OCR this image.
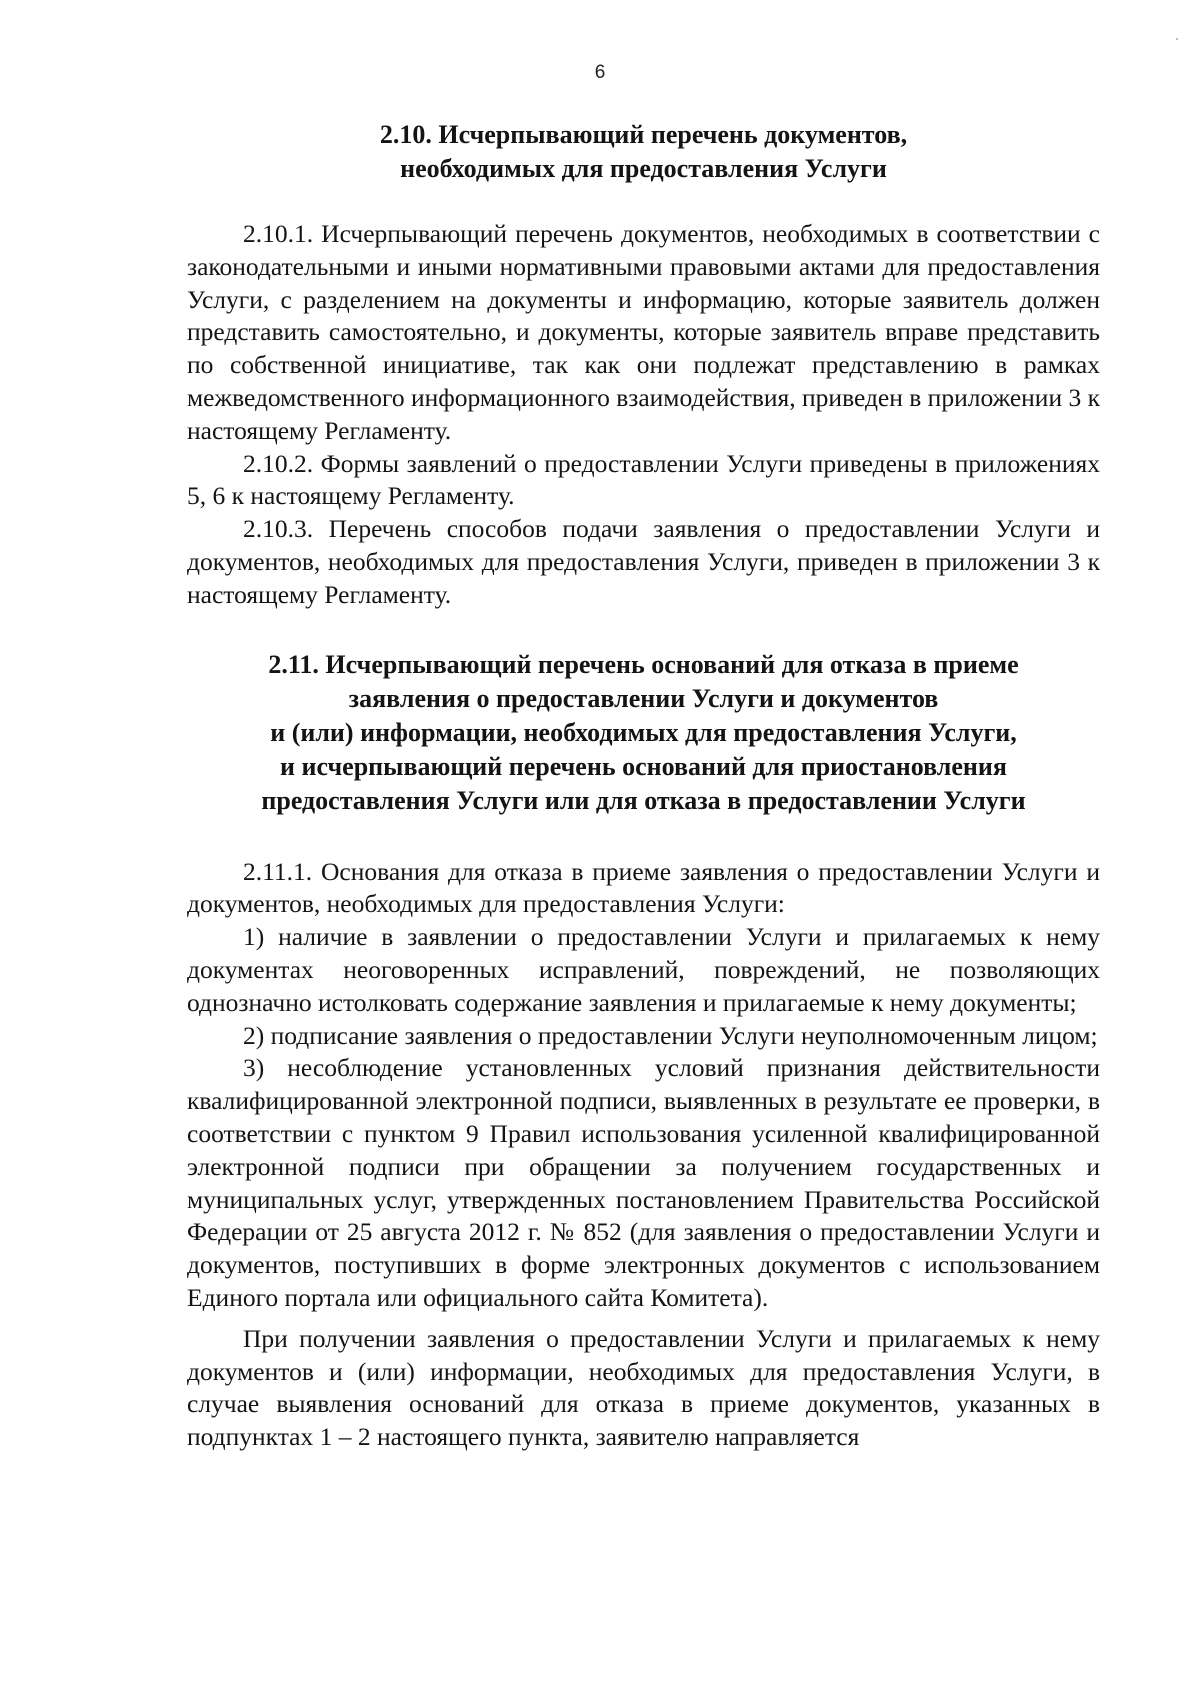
6
2.10. Исчерпывающий перечень документов,
необходимых для предоставления Услуги

2.10.1. Исчерпывающий перечень документов, необходимых в соответствии с законодательными и иными нормативными правовыми актами для предоставления Услуги, с разделением на документы и информацию, которые заявитель должен представить самостоятельно, и документы, которые заявитель вправе представить по собственной инициативе, так как они подлежат представлению в рамках межведомственного информационного взаимодействия, приведен в приложении 3 к настоящему Регламенту.

2.10.2. Формы заявлений о предоставлении Услуги приведены в приложениях 5, 6 к настоящему Регламенту.

2.10.3. Перечень способов подачи заявления о предоставлении Услуги и документов, необходимых для предоставления Услуги, приведен в приложении 3 к настоящему Регламенту.

2.11. Исчерпывающий перечень оснований для отказа в приеме
заявления о предоставлении Услуги и документов
и (или) информации, необходимых для предоставления Услуги,
и исчерпывающий перечень оснований для приостановления
предоставления Услуги или для отказа в предоставлении Услуги

2.11.1. Основания для отказа в приеме заявления о предоставлении Услуги и документов, необходимых для предоставления Услуги:

1) наличие в заявлении о предоставлении Услуги и прилагаемых к нему документах неоговоренных исправлений, повреждений, не позволяющих однозначно истолковать содержание заявления и прилагаемые к нему документы;

2) подписание заявления о предоставлении Услуги неуполномоченным лицом;

3) несоблюдение установленных условий признания действительности квалифицированной электронной подписи, выявленных в результате ее проверки, в соответствии с пунктом 9 Правил использования усиленной квалифицированной электронной подписи при обращении за получением государственных и муниципальных услуг, утвержденных постановлением Правительства Российской Федерации от 25 августа 2012 г. № 852 (для заявления о предоставлении Услуги и документов, поступивших в форме электронных документов с использованием Единого портала или официального сайта Комитета).

При получении заявления о предоставлении Услуги и прилагаемых к нему документов и (или) информации, необходимых для предоставления Услуги, в случае выявления оснований для отказа в приеме документов, указанных в подпунктах 1 – 2 настоящего пункта, заявителю направляется
